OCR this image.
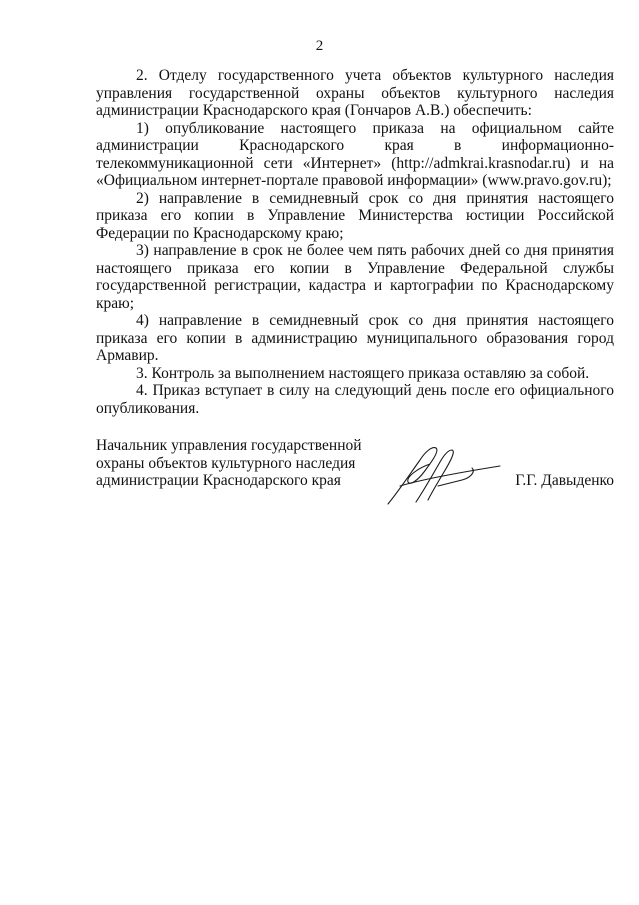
2

2. Отделу государственного учета объектов культурного наследия управления государственной охраны объектов культурного наследия администрации Краснодарского края (Гончаров А.В.) обеспечить:

1) опубликование настоящего приказа на официальном сайте администрации Краснодарского края в информационно-телекоммуникационной сети «Интернет» (http://admkrai.krasnodar.ru) и на «Официальном интернет-портале правовой информации» (www.pravo.gov.ru);

2) направление в семидневный срок со дня принятия настоящего приказа его копии в Управление Министерства юстиции Российской Федерации по Краснодарскому краю;

3) направление в срок не более чем пять рабочих дней со дня принятия настоящего приказа его копии в Управление Федеральной службы государственной регистрации, кадастра и картографии по Краснодарскому краю;

4) направление в семидневный срок со дня принятия настоящего приказа его копии в администрацию муниципального образования город Армавир.

3. Контроль за выполнением настоящего приказа оставляю за собой.

4. Приказ вступает в силу на следующий день после его официального опубликования.

Начальник управления государственной
охраны объектов культурного наследия
администрации Краснодарского края	Г.Г. Давыденко
